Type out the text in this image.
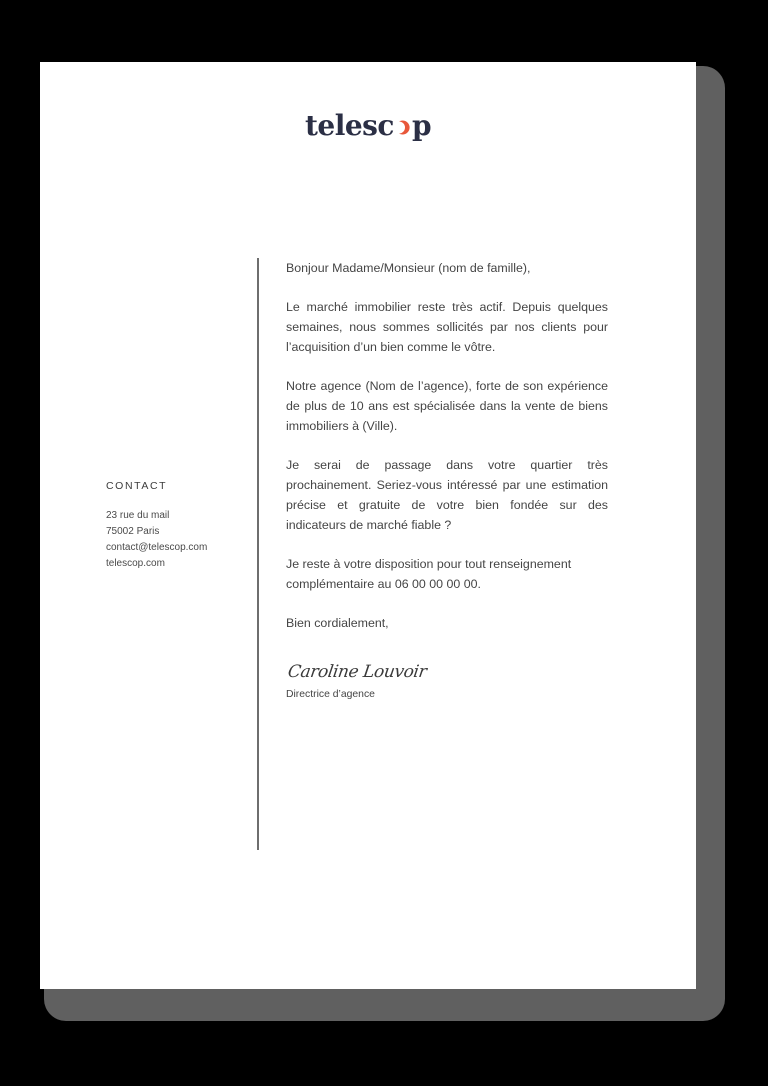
telesc p
CONTACT
23 rue du mail
75002 Paris
contact@telescop.com
telescop.com

Bonjour Madame/Monsieur (nom de famille),

Le marché immobilier reste très actif. Depuis quelques semaines, nous sommes sollicités par nos clients pour l’acquisition d’un bien comme le vôtre.

Notre agence (Nom de l’agence), forte de son expérience de plus de 10 ans est spécialisée dans la vente de biens immobiliers à (Ville).

Je serai de passage dans votre quartier très prochainement. Seriez-vous intéressé par une estimation précise et gratuite de votre bien fondée sur des indicateurs de marché fiable ?

Je reste à votre disposition pour tout renseignement complémentaire au 06 00 00 00 00.

Bien cordialement,

Caroline Louvoir
Directrice d’agence
